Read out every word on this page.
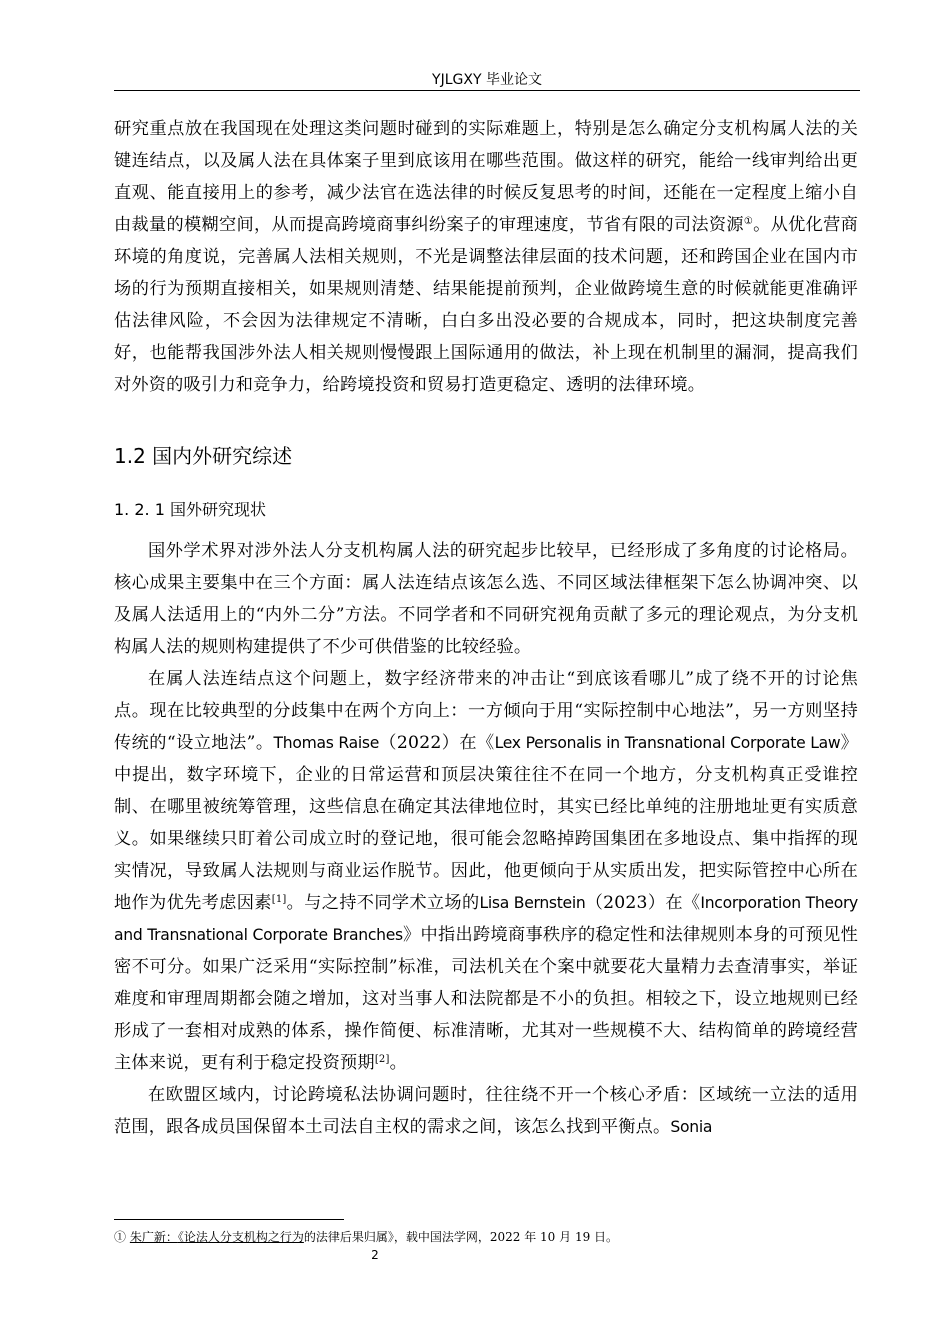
YJLGXY 毕业论文

研究重点放在我国现在处理这类问题时碰到的实际难题上，特别是怎么确定分支机构属人法的关键连结点，以及属人法在具体案子里到底该用在哪些范围。做这样的研究，能给一线审判给出更直观、能直接用上的参考，减少法官在选法律的时候反复思考的时间，还能在一定程度上缩小自由裁量的模糊空间，从而提高跨境商事纠纷案子的审理速度，节省有限的司法资源①。从优化营商环境的角度说，完善属人法相关规则，不光是调整法律层面的技术问题，还和跨国企业在国内市场的行为预期直接相关，如果规则清楚、结果能提前预判，企业做跨境生意的时候就能更准确评估法律风险，不会因为法律规定不清晰，白白多出没必要的合规成本，同时，把这块制度完善好，也能帮我国涉外法人相关规则慢慢跟上国际通用的做法，补上现在机制里的漏洞，提高我们对外资的吸引力和竞争力，给跨境投资和贸易打造更稳定、透明的法律环境。

1.2 国内外研究综述
1. 2. 1 国外研究现状

国外学术界对涉外法人分支机构属人法的研究起步比较早，已经形成了多角度的讨论格局。核心成果主要集中在三个方面：属人法连结点该怎么选、不同区域法律框架下怎么协调冲突、以及属人法适用上的“内外二分”方法。不同学者和不同研究视角贡献了多元的理论观点，为分支机构属人法的规则构建提供了不少可供借鉴的比较经验。

在属人法连结点这个问题上，数字经济带来的冲击让“到底该看哪儿”成了绕不开的讨论焦点。现在比较典型的分歧集中在两个方向上：一方倾向于用“实际控制中心地法”，另一方则坚持传统的“设立地法”。Thomas Raise（2022）在《Lex Personalis in Transnational Corporate Law》中提出，数字环境下，企业的日常运营和顶层决策往往不在同一个地方，分支机构真正受谁控制、在哪里被统筹管理，这些信息在确定其法律地位时，其实已经比单纯的注册地址更有实质意义。如果继续只盯着公司成立时的登记地，很可能会忽略掉跨国集团在多地设点、集中指挥的现实情况，导致属人法规则与商业运作脱节。因此，他更倾向于从实质出发，把实际管控中心所在地作为优先考虑因素[1]。与之持不同学术立场的Lisa Bernstein（2023）在《Incorporation Theory and Transnational Corporate Branches》中指出跨境商事秩序的稳定性和法律规则本身的可预见性密不可分。如果广泛采用“实际控制”标准，司法机关在个案中就要花大量精力去查清事实，举证难度和审理周期都会随之增加，这对当事人和法院都是不小的负担。相较之下，设立地规则已经形成了一套相对成熟的体系，操作简便、标准清晰，尤其对一些规模不大、结构简单的跨境经营主体来说，更有利于稳定投资预期[2]。

在欧盟区域内，讨论跨境私法协调问题时，往往绕不开一个核心矛盾：区域统一立法的适用范围，跟各成员国保留本土司法自主权的需求之间，该怎么找到平衡点。Sonia

① 朱广新：《论法人分支机构之行为的法律后果归属》，载中国法学网，2022 年 10 月 19 日。
2
